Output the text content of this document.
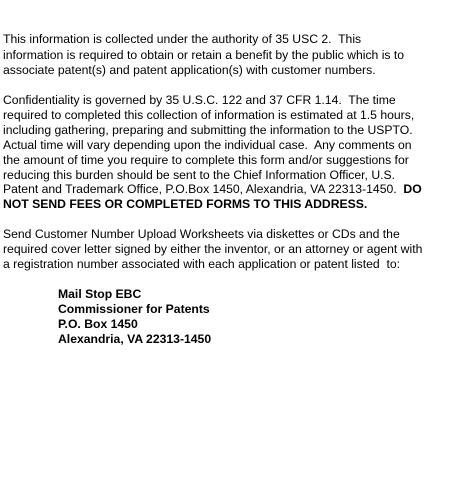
This information is collected under the authority of 35 USC 2.  This
information is required to obtain or retain a benefit by the public which is to
associate patent(s) and patent application(s) with customer numbers.
Confidentiality is governed by 35 U.S.C. 122 and 37 CFR 1.14.  The time
required to completed this collection of information is estimated at 1.5 hours,
including gathering, preparing and submitting the information to the USPTO.
Actual time will vary depending upon the individual case.  Any comments on
the amount of time you require to complete this form and/or suggestions for
reducing this burden should be sent to the Chief Information Officer, U.S.
Patent and Trademark Office, P.O.Box 1450, Alexandria, VA 22313-1450.  DO
NOT SEND FEES OR COMPLETED FORMS TO THIS ADDRESS.
Send Customer Number Upload Worksheets via diskettes or CDs and the
required cover letter signed by either the inventor, or an attorney or agent with
a registration number associated with each application or patent listed  to:
Mail Stop EBC
Commissioner for Patents
P.O. Box 1450
Alexandria, VA 22313-1450
